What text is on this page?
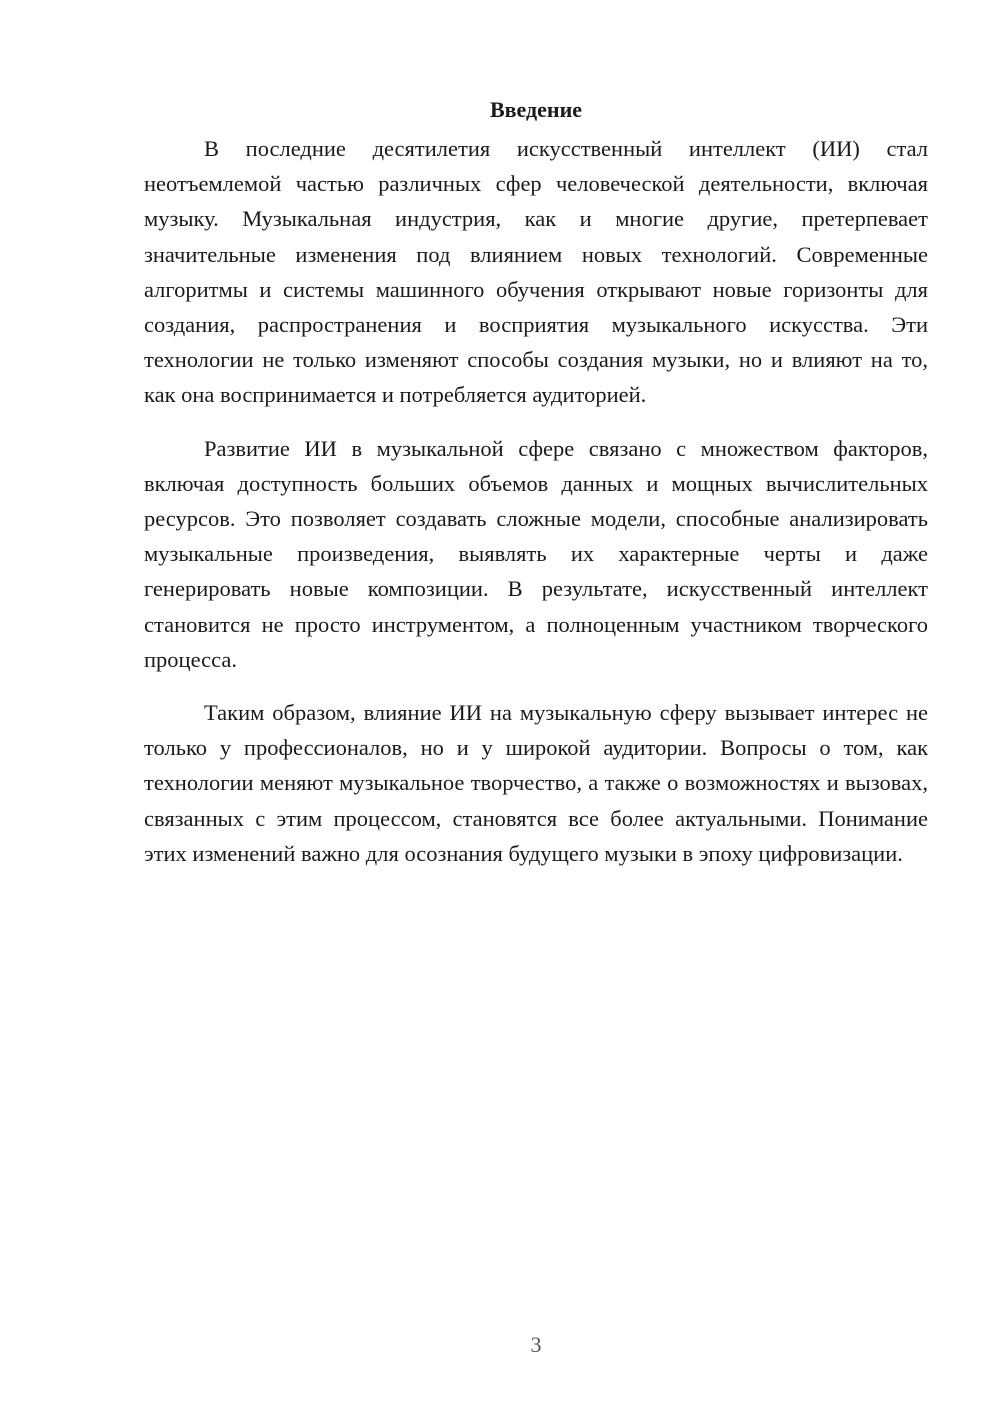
Введение

В последние десятилетия искусственный интеллект (ИИ) стал неотъемлемой частью различных сфер человеческой деятельности, включая музыку. Музыкальная индустрия, как и многие другие, претерпевает значительные изменения под влиянием новых технологий. Современные алгоритмы и системы машинного обучения открывают новые горизонты для создания, распространения и восприятия музыкального искусства. Эти технологии не только изменяют способы создания музыки, но и влияют на то, как она воспринимается и потребляется аудиторией.

Развитие ИИ в музыкальной сфере связано с множеством факторов, включая доступность больших объемов данных и мощных вычислительных ресурсов. Это позволяет создавать сложные модели, способные анализировать музыкальные произведения, выявлять их характерные черты и даже генерировать новые композиции. В результате, искусственный интеллект становится не просто инструментом, а полноценным участником творческого процесса.

Таким образом, влияние ИИ на музыкальную сферу вызывает интерес не только у профессионалов, но и у широкой аудитории. Вопросы о том, как технологии меняют музыкальное творчество, а также о возможностях и вызовах, связанных с этим процессом, становятся все более актуальными. Понимание этих изменений важно для осознания будущего музыки в эпоху цифровизации.

3
